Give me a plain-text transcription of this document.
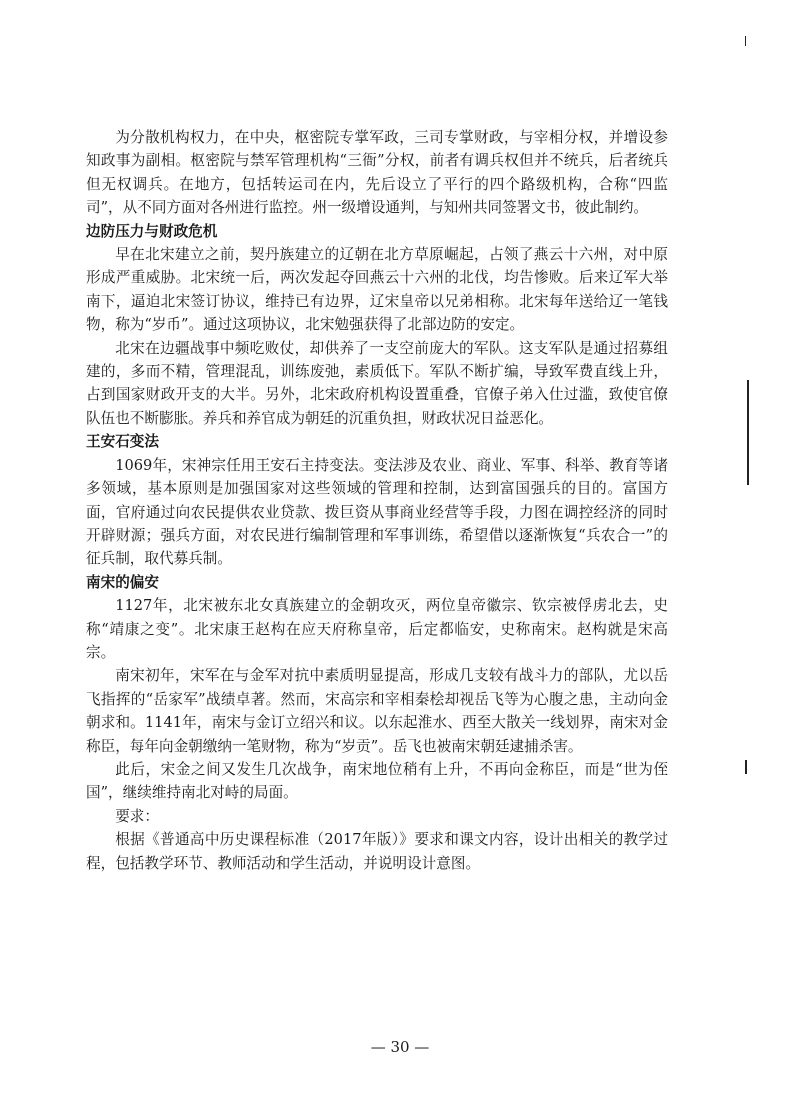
为分散机构权力，在中央，枢密院专掌军政，三司专掌财政，与宰相分权，并增设参知政事为副相。枢密院与禁军管理机构“三衙”分权，前者有调兵权但并不统兵，后者统兵但无权调兵。在地方，包括转运司在内，先后设立了平行的四个路级机构，合称“四监司”，从不同方面对各州进行监控。州一级增设通判，与知州共同签署文书，彼此制约。

边防压力与财政危机

早在北宋建立之前，契丹族建立的辽朝在北方草原崛起，占领了燕云十六州，对中原形成严重威胁。北宋统一后，两次发起夺回燕云十六州的北伐，均告惨败。后来辽军大举南下，逼迫北宋签订协议，维持已有边界，辽宋皇帝以兄弟相称。北宋每年送给辽一笔钱物，称为“岁币”。通过这项协议，北宋勉强获得了北部边防的安定。

北宋在边疆战事中频吃败仗，却供养了一支空前庞大的军队。这支军队是通过招募组建的，多而不精，管理混乱，训练废弛，素质低下。军队不断扩编，导致军费直线上升，占到国家财政开支的大半。另外，北宋政府机构设置重叠，官僚子弟入仕过滥，致使官僚队伍也不断膨胀。养兵和养官成为朝廷的沉重负担，财政状况日益恶化。

王安石变法

1069年，宋神宗任用王安石主持变法。变法涉及农业、商业、军事、科举、教育等诸多领域，基本原则是加强国家对这些领域的管理和控制，达到富国强兵的目的。富国方面，官府通过向农民提供农业贷款、拨巨资从事商业经营等手段，力图在调控经济的同时开辟财源；强兵方面，对农民进行编制管理和军事训练，希望借以逐渐恢复“兵农合一”的征兵制，取代募兵制。

南宋的偏安

1127年，北宋被东北女真族建立的金朝攻灭，两位皇帝徽宗、钦宗被俘虏北去，史称“靖康之变”。北宋康王赵构在应天府称皇帝，后定都临安，史称南宋。赵构就是宋高宗。

南宋初年，宋军在与金军对抗中素质明显提高，形成几支较有战斗力的部队，尤以岳飞指挥的“岳家军”战绩卓著。然而，宋高宗和宰相秦桧却视岳飞等为心腹之患，主动向金朝求和。1141年，南宋与金订立绍兴和议。以东起淮水、西至大散关一线划界，南宋对金称臣，每年向金朝缴纳一笔财物，称为“岁贡”。岳飞也被南宋朝廷逮捕杀害。

此后，宋金之间又发生几次战争，南宋地位稍有上升，不再向金称臣，而是“世为侄国”，继续维持南北对峙的局面。

要求：

根据《普通高中历史课程标准（2017年版）》要求和课文内容，设计出相关的教学过程，包括教学环节、教师活动和学生活动，并说明设计意图。

— 30 —
